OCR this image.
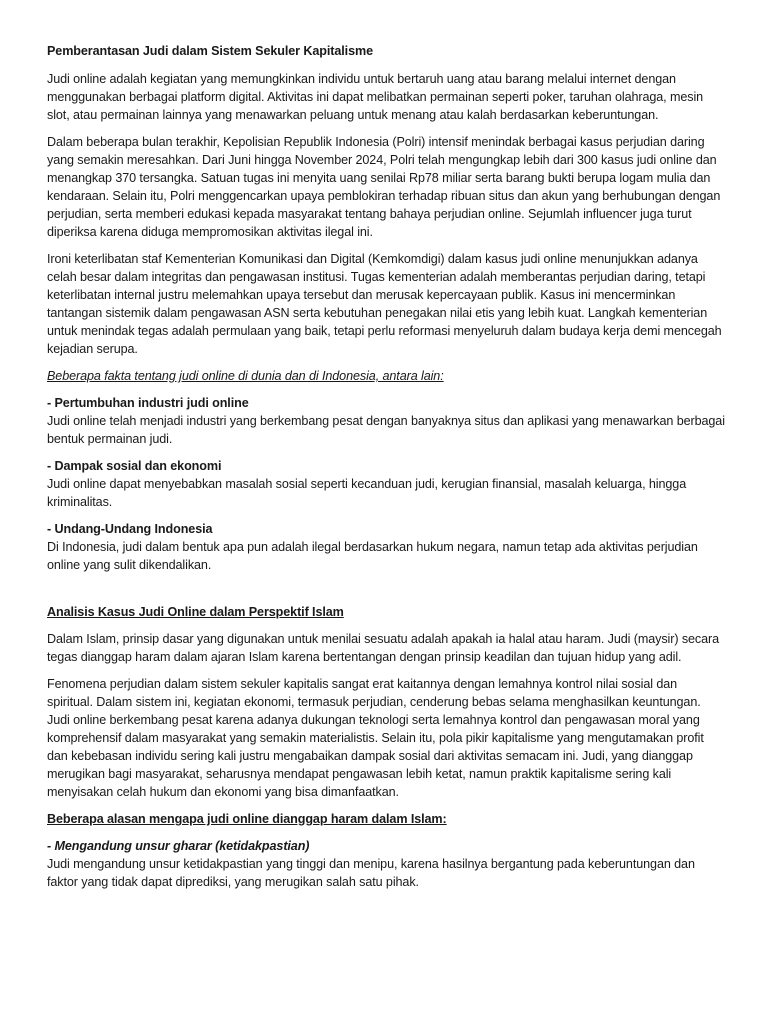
Pemberantasan Judi dalam Sistem Sekuler Kapitalisme

Judi online adalah kegiatan yang memungkinkan individu untuk bertaruh uang atau barang melalui internet dengan menggunakan berbagai platform digital. Aktivitas ini dapat melibatkan permainan seperti poker, taruhan olahraga, mesin slot, atau permainan lainnya yang menawarkan peluang untuk menang atau kalah berdasarkan keberuntungan.

Dalam beberapa bulan terakhir, Kepolisian Republik Indonesia (Polri) intensif menindak berbagai kasus perjudian daring yang semakin meresahkan. Dari Juni hingga November 2024, Polri telah mengungkap lebih dari 300 kasus judi online dan menangkap 370 tersangka. Satuan tugas ini menyita uang senilai Rp78 miliar serta barang bukti berupa logam mulia dan kendaraan. Selain itu, Polri menggencarkan upaya pemblokiran terhadap ribuan situs dan akun yang berhubungan dengan perjudian, serta memberi edukasi kepada masyarakat tentang bahaya perjudian online. Sejumlah influencer juga turut diperiksa karena diduga mempromosikan aktivitas ilegal ini.

Ironi keterlibatan staf Kementerian Komunikasi dan Digital (Kemkomdigi) dalam kasus judi online menunjukkan adanya celah besar dalam integritas dan pengawasan institusi. Tugas kementerian adalah memberantas perjudian daring, tetapi keterlibatan internal justru melemahkan upaya tersebut dan merusak kepercayaan publik. Kasus ini mencerminkan tantangan sistemik dalam pengawasan ASN serta kebutuhan penegakan nilai etis yang lebih kuat. Langkah kementerian untuk menindak tegas adalah permulaan yang baik, tetapi perlu reformasi menyeluruh dalam budaya kerja demi mencegah kejadian serupa.

Beberapa fakta tentang judi online di dunia dan di Indonesia, antara lain:

- Pertumbuhan industri judi online

Judi online telah menjadi industri yang berkembang pesat dengan banyaknya situs dan aplikasi yang menawarkan berbagai bentuk permainan judi.

- Dampak sosial dan ekonomi

Judi online dapat menyebabkan masalah sosial seperti kecanduan judi, kerugian finansial, masalah keluarga, hingga kriminalitas.

- Undang-Undang Indonesia

Di Indonesia, judi dalam bentuk apa pun adalah ilegal berdasarkan hukum negara, namun tetap ada aktivitas perjudian online yang sulit dikendalikan.

Analisis Kasus Judi Online dalam Perspektif Islam

Dalam Islam, prinsip dasar yang digunakan untuk menilai sesuatu adalah apakah ia halal atau haram. Judi (maysir) secara tegas dianggap haram dalam ajaran Islam karena bertentangan dengan prinsip keadilan dan tujuan hidup yang adil.

Fenomena perjudian dalam sistem sekuler kapitalis sangat erat kaitannya dengan lemahnya kontrol nilai sosial dan spiritual. Dalam sistem ini, kegiatan ekonomi, termasuk perjudian, cenderung bebas selama menghasilkan keuntungan. Judi online berkembang pesat karena adanya dukungan teknologi serta lemahnya kontrol dan pengawasan moral yang komprehensif dalam masyarakat yang semakin materialistis. Selain itu, pola pikir kapitalisme yang mengutamakan profit dan kebebasan individu sering kali justru mengabaikan dampak sosial dari aktivitas semacam ini. Judi, yang dianggap merugikan bagi masyarakat, seharusnya mendapat pengawasan lebih ketat, namun praktik kapitalisme sering kali menyisakan celah hukum dan ekonomi yang bisa dimanfaatkan.

Beberapa alasan mengapa judi online dianggap haram dalam Islam:

- Mengandung unsur gharar (ketidakpastian)

Judi mengandung unsur ketidakpastian yang tinggi dan menipu, karena hasilnya bergantung pada keberuntungan dan faktor yang tidak dapat diprediksi, yang merugikan salah satu pihak.
